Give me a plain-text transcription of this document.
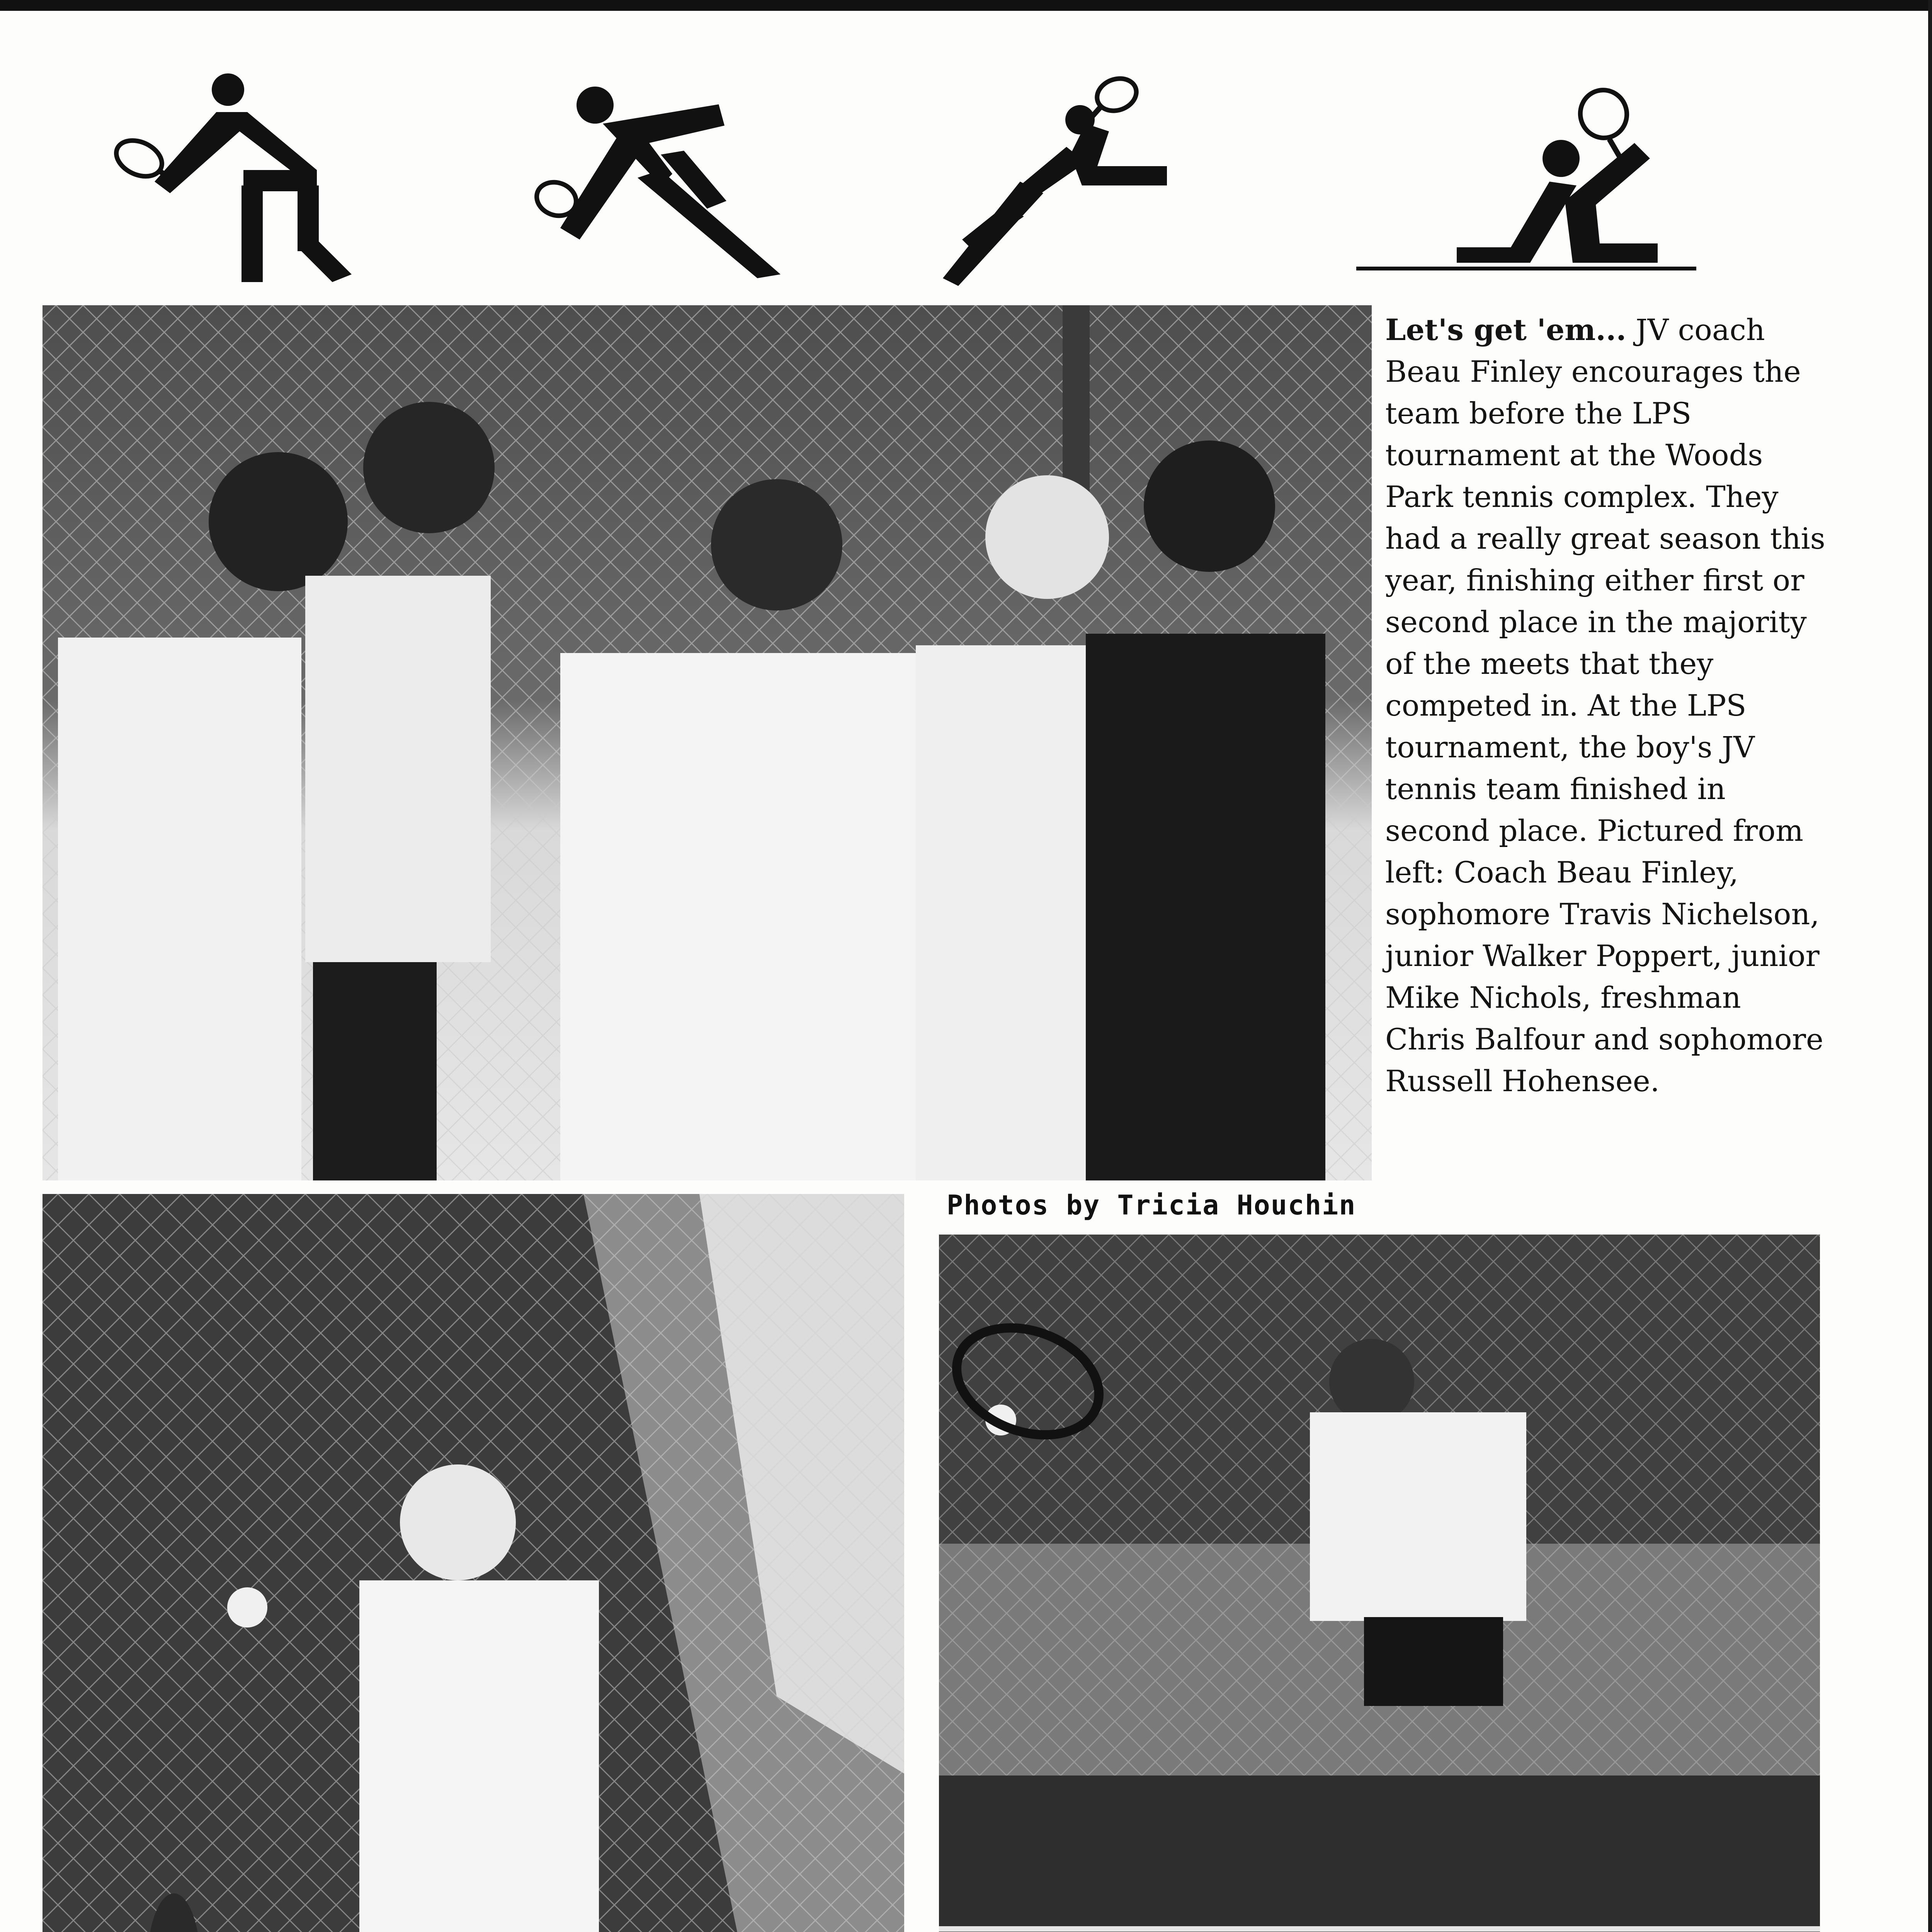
Let's get 'em... JV coach Beau Finley encourages the team before the LPS tournament at the Woods Park tennis complex. They had a really great season this year, finishing either first or second place in the majority of the meets that they competed in. At the LPS tournament, the boy's JV tennis team finished in second place. Pictured from left: Coach Beau Finley, sophomore Travis Nichelson, junior Walker Poppert, junior Mike Nichols, freshman Chris Balfour and sophomore Russell Hohensee.
Photos by Tricia Houchin
